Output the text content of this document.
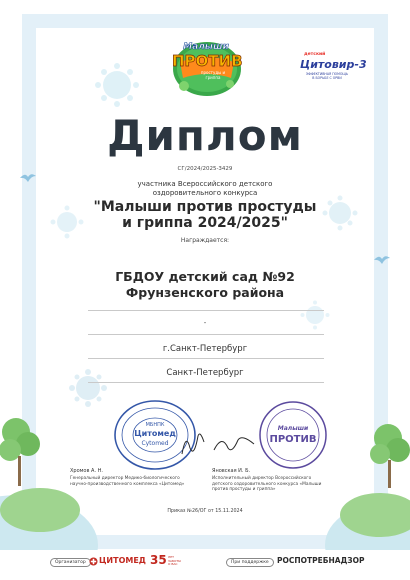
Малыши
ПРОТИВ
простуды и гриппа
детский
Цитовир-3
ЭФФЕКТИВНАЯ ПОМОЩЬ В БОРЬБЕ С ОРВИ
Диплом
СГ/2024/2025-3429
участника Всероссийского детского
оздоровительного конкурса
"Малыши против простуды
и гриппа 2024/2025"
Награждается:
ГБДОУ детский сад №92
Фрунзенского района
-
г.Санкт-Петербург
Санкт-Петербург
МБНПК
Цитомед
Cytomed
Малыши
ПРОТИВ
Хромов А. Н.
Генеральный директор Медико-биологического
научно-производственного комплекса «Цитомед»
Яновская И. Б.
Исполнительный директор Всероссийского
детского оздоровительного конкурса «Малыши
против простуды и гриппа»
Приказ №26/ОГ от 15.11.2024
Организатор	ЦИТОМЕД 35 ЛЕТ ЗАБОТЫ О ВАС	При поддержке	РОСПОТРЕБНАДЗОР
